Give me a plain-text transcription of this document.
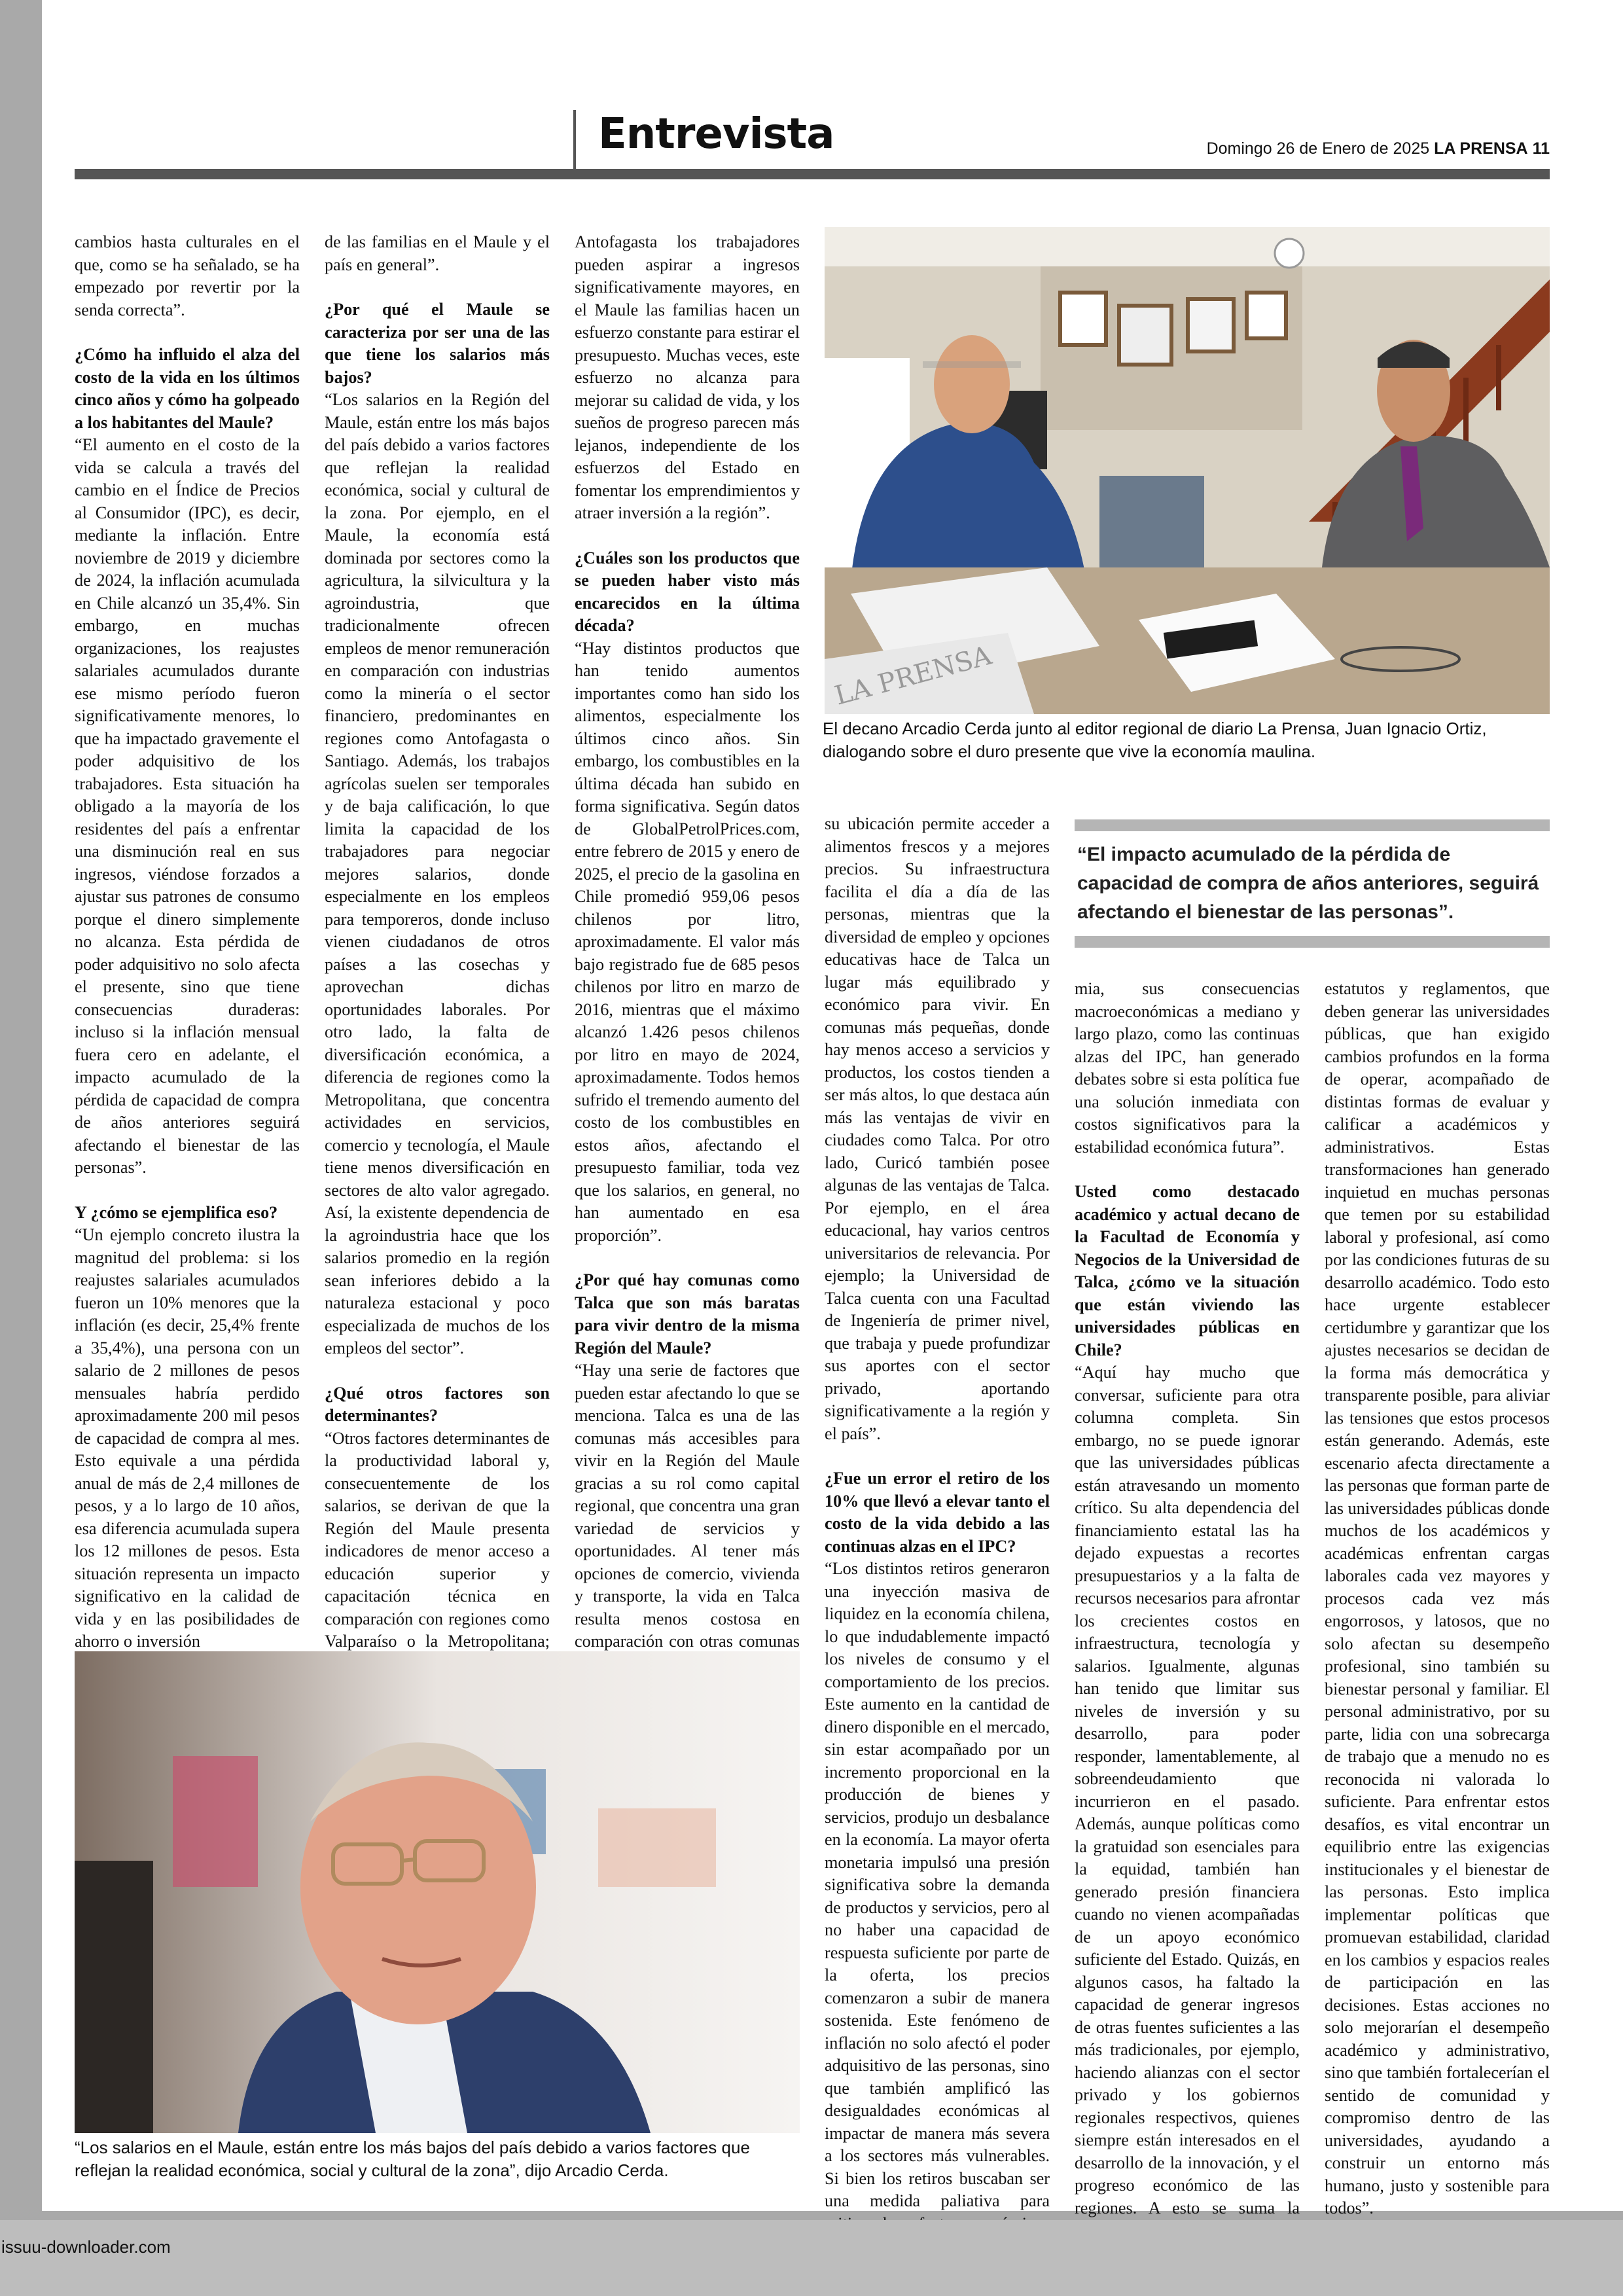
Entrevista	Domingo 26 de Enero de 2025 LA PRENSA 11

cambios hasta culturales en el que, como se ha señalado, se ha empezado por revertir por la senda correcta”.

¿Cómo ha influido el alza del costo de la vida en los últimos cinco años y cómo ha golpeado a los habitantes del Maule?

“El aumento en el costo de la vida se calcula a través del cambio en el Índice de Precios al Consumidor (IPC), es decir, mediante la inflación. Entre noviembre de 2019 y diciembre de 2024, la inflación acumulada en Chile alcanzó un 35,4%. Sin embargo, en muchas organizaciones, los reajustes salariales acumulados durante ese mismo período fueron significativamente menores, lo que ha impactado gravemente el poder adquisitivo de los trabajadores. Esta situación ha obligado a la mayoría de los residentes del país a enfrentar una disminución real en sus ingresos, viéndose forzados a ajustar sus patrones de consumo porque el dinero simplemente no alcanza. Esta pérdida de poder adquisitivo no solo afecta el presente, sino que tiene consecuencias duraderas: incluso si la inflación mensual fuera cero en adelante, el impacto acumulado de la pérdida de capacidad de compra de años anteriores seguirá afectando el bienestar de las personas”.

Y ¿cómo se ejemplifica eso?

“Un ejemplo concreto ilustra la magnitud del problema: si los reajustes salariales acumulados fueron un 10% menores que la inflación (es decir, 25,4% frente a 35,4%), una persona con un salario de 2 millones de pesos mensuales habría perdido aproximadamente 200 mil pesos de capacidad de compra al mes. Esto equivale a una pérdida anual de más de 2,4 millones de pesos, y a lo largo de 10 años, esa diferencia acumulada supera los 12 millones de pesos. Esta situación representa un impacto significativo en la calidad de vida y en las posibilidades de ahorro o inversión

de las familias en el Maule y el país en general”.

¿Por qué el Maule se caracteriza por ser una de las que tiene los salarios más bajos?

“Los salarios en la Región del Maule, están entre los más bajos del país debido a varios factores que reflejan la realidad económica, social y cultural de la zona. Por ejemplo, en el Maule, la economía está dominada por sectores como la agricultura, la silvicultura y la agroindustria, que tradicionalmente ofrecen empleos de menor remuneración en comparación con industrias como la minería o el sector financiero, predominantes en regiones como Antofagasta o Santiago. Además, los trabajos agrícolas suelen ser temporales y de baja calificación, lo que limita la capacidad de los trabajadores para negociar mejores salarios, donde especialmente en los empleos para temporeros, donde incluso vienen ciudadanos de otros países a las cosechas y aprovechan dichas oportunidades laborales. Por otro lado, la falta de diversificación económica, a diferencia de regiones como la Metropolitana, que concentra actividades en servicios, comercio y tecnología, el Maule tiene menos diversificación en sectores de alto valor agregado. Así, la existente dependencia de la agroindustria hace que los salarios promedio en la región sean inferiores debido a la naturaleza estacional y poco especializada de muchos de los empleos del sector”.

¿Qué otros factores son determinantes?

“Otros factores determinantes de la productividad laboral y, consecuentemente de los salarios, se derivan de que la Región del Maule presenta indicadores de menor acceso a educación superior y capacitación técnica en comparación con regiones como Valparaíso o la Metropolitana;

Antofagasta los trabajadores pueden aspirar a ingresos significativamente mayores, en el Maule las familias hacen un esfuerzo constante para estirar el presupuesto. Muchas veces, este esfuerzo no alcanza para mejorar su calidad de vida, y los sueños de progreso parecen más lejanos, independiente de los esfuerzos del Estado en fomentar los emprendimientos y atraer inversión a la región”.

¿Cuáles son los productos que se pueden haber visto más encarecidos en la última década?

“Hay distintos productos que han tenido aumentos importantes como han sido los alimentos, especialmente los últimos cinco años. Sin embargo, los combustibles en la última década han subido en forma significativa. Según datos de GlobalPetrolPrices.com, entre febrero de 2015 y enero de 2025, el precio de la gasolina en Chile promedió 959,06 pesos chilenos por litro, aproximadamente. El valor más bajo registrado fue de 685 pesos chilenos por litro en marzo de 2016, mientras que el máximo alcanzó 1.426 pesos chilenos por litro en mayo de 2024, aproximadamente. Todos hemos sufrido el tremendo aumento del costo de los combustibles en estos años, afectando el presupuesto familiar, toda vez que los salarios, en general, no han aumentado en esa proporción”.

¿Por qué hay comunas como Talca que son más baratas para vivir dentro de la misma Región del Maule?

“Hay una serie de factores que pueden estar afectando lo que se menciona. Talca es una de las comunas más accesibles para vivir en la Región del Maule gracias a su rol como capital regional, que concentra una gran variedad de servicios y oportunidades. Al tener más opciones de comercio, vivienda y transporte, la vida en Talca resulta menos costosa en comparación con otras comunas

LA PRENSA
El decano Arcadio Cerda junto al editor regional de diario La Prensa, Juan Ignacio Ortiz, dialogando sobre el duro presente que vive la economía maulina.
“El impacto acumulado de la pérdida de capacidad de compra de años anteriores, seguirá afectando el bienestar de las personas”.

su ubicación permite acceder a alimentos frescos y a mejores precios. Su infraestructura facilita el día a día de las personas, mientras que la diversidad de empleo y opciones educativas hace de Talca un lugar más equilibrado y económico para vivir. En comunas más pequeñas, donde hay menos acceso a servicios y productos, los costos tienden a ser más altos, lo que destaca aún más las ventajas de vivir en ciudades como Talca. Por otro lado, Curicó también posee algunas de las ventajas de Talca. Por ejemplo, en el área educacional, hay varios centros universitarios de relevancia. Por ejemplo; la Universidad de Talca cuenta con una Facultad de Ingeniería de primer nivel, que trabaja y puede profundizar sus aportes con el sector privado, aportando significativamente a la región y el país”.

¿Fue un error el retiro de los 10% que llevó a elevar tanto el costo de la vida debido a las continuas alzas en el IPC?

“Los distintos retiros generaron una inyección masiva de liquidez en la economía chilena, lo que indudablemente impactó los niveles de consumo y el comportamiento de los precios. Este aumento en la cantidad de dinero disponible en el mercado, sin estar acompañado por un incremento proporcional en la producción de bienes y servicios, produjo un desbalance en la economía. La mayor oferta monetaria impulsó una presión significativa sobre la demanda de productos y servicios, pero al no haber una capacidad de respuesta suficiente por parte de la oferta, los precios comenzaron a subir de manera sostenida. Este fenómeno de inflación no solo afectó el poder adquisitivo de las personas, sino que también amplificó las desigualdades económicas al impactar de manera más severa a los sectores más vulnerables. Si bien los retiros buscaban ser una medida paliativa para

mia, sus consecuencias macroeconómicas a mediano y largo plazo, como las continuas alzas del IPC, han generado debates sobre si esta política fue una solución inmediata con costos significativos para la estabilidad económica futura”.

Usted como destacado académico y actual decano de la Facultad de Economía y Negocios de la Universidad de Talca, ¿cómo ve la situación que están viviendo las universidades públicas en Chile?

“Aquí hay mucho que conversar, suficiente para otra columna completa. Sin embargo, no se puede ignorar que las universidades públicas están atravesando un momento crítico. Su alta dependencia del financiamiento estatal las ha dejado expuestas a recortes presupuestarios y a la falta de recursos necesarios para afrontar los crecientes costos en infraestructura, tecnología y salarios. Igualmente, algunas han tenido que limitar sus niveles de inversión y su desarrollo, para poder responder, lamentablemente, al sobreendeudamiento que incurrieron en el pasado. Además, aunque políticas como la gratuidad son esenciales para la equidad, también han generado presión financiera cuando no vienen acompañadas de un apoyo económico suficiente del Estado. Quizás, en algunos casos, ha faltado la capacidad de generar ingresos de otras fuentes suficientes a las más tradicionales, por ejemplo, haciendo alianzas con el sector privado y los gobiernos regionales respectivos, quienes siempre están interesados en el desarrollo de la innovación, y el progreso económico de las regiones. A esto se suma la

estatutos y reglamentos, que deben generar las universidades públicas, que han exigido cambios profundos en la forma de operar, acompañado de distintas formas de evaluar y calificar a académicos y administrativos. Estas transformaciones han generado inquietud en muchas personas que temen por su estabilidad laboral y profesional, así como por las condiciones futuras de su desarrollo académico. Todo esto hace urgente establecer certidumbre y garantizar que los ajustes necesarios se decidan de la forma más democrática y transparente posible, para aliviar las tensiones que estos procesos están generando. Además, este escenario afecta directamente a las personas que forman parte de las universidades públicas donde muchos de los académicos y académicas enfrentan cargas laborales cada vez mayores y procesos cada vez más engorrosos, y latosos, que no solo afectan su desempeño profesional, sino también su bienestar personal y familiar. El personal administrativo, por su parte, lidia con una sobrecarga de trabajo que a menudo no es reconocida ni valorada lo suficiente. Para enfrentar estos desafíos, es vital encontrar un equilibrio entre las exigencias institucionales y el bienestar de las personas. Esto implica implementar políticas que promuevan estabilidad, claridad en los cambios y espacios reales de participación en las decisiones. Estas acciones no solo mejorarían el desempeño académico y administrativo, sino que también fortalecerían el sentido de comunidad y compromiso dentro de las universidades, ayudando a construir un entorno más humano, justo y sostenible para todos”.

“Los salarios en el Maule, están entre los más bajos del país debido a varios factores que reflejan la realidad económica, social y cultural de la zona”, dijo Arcadio Cerda.
issuu-downloader.com
